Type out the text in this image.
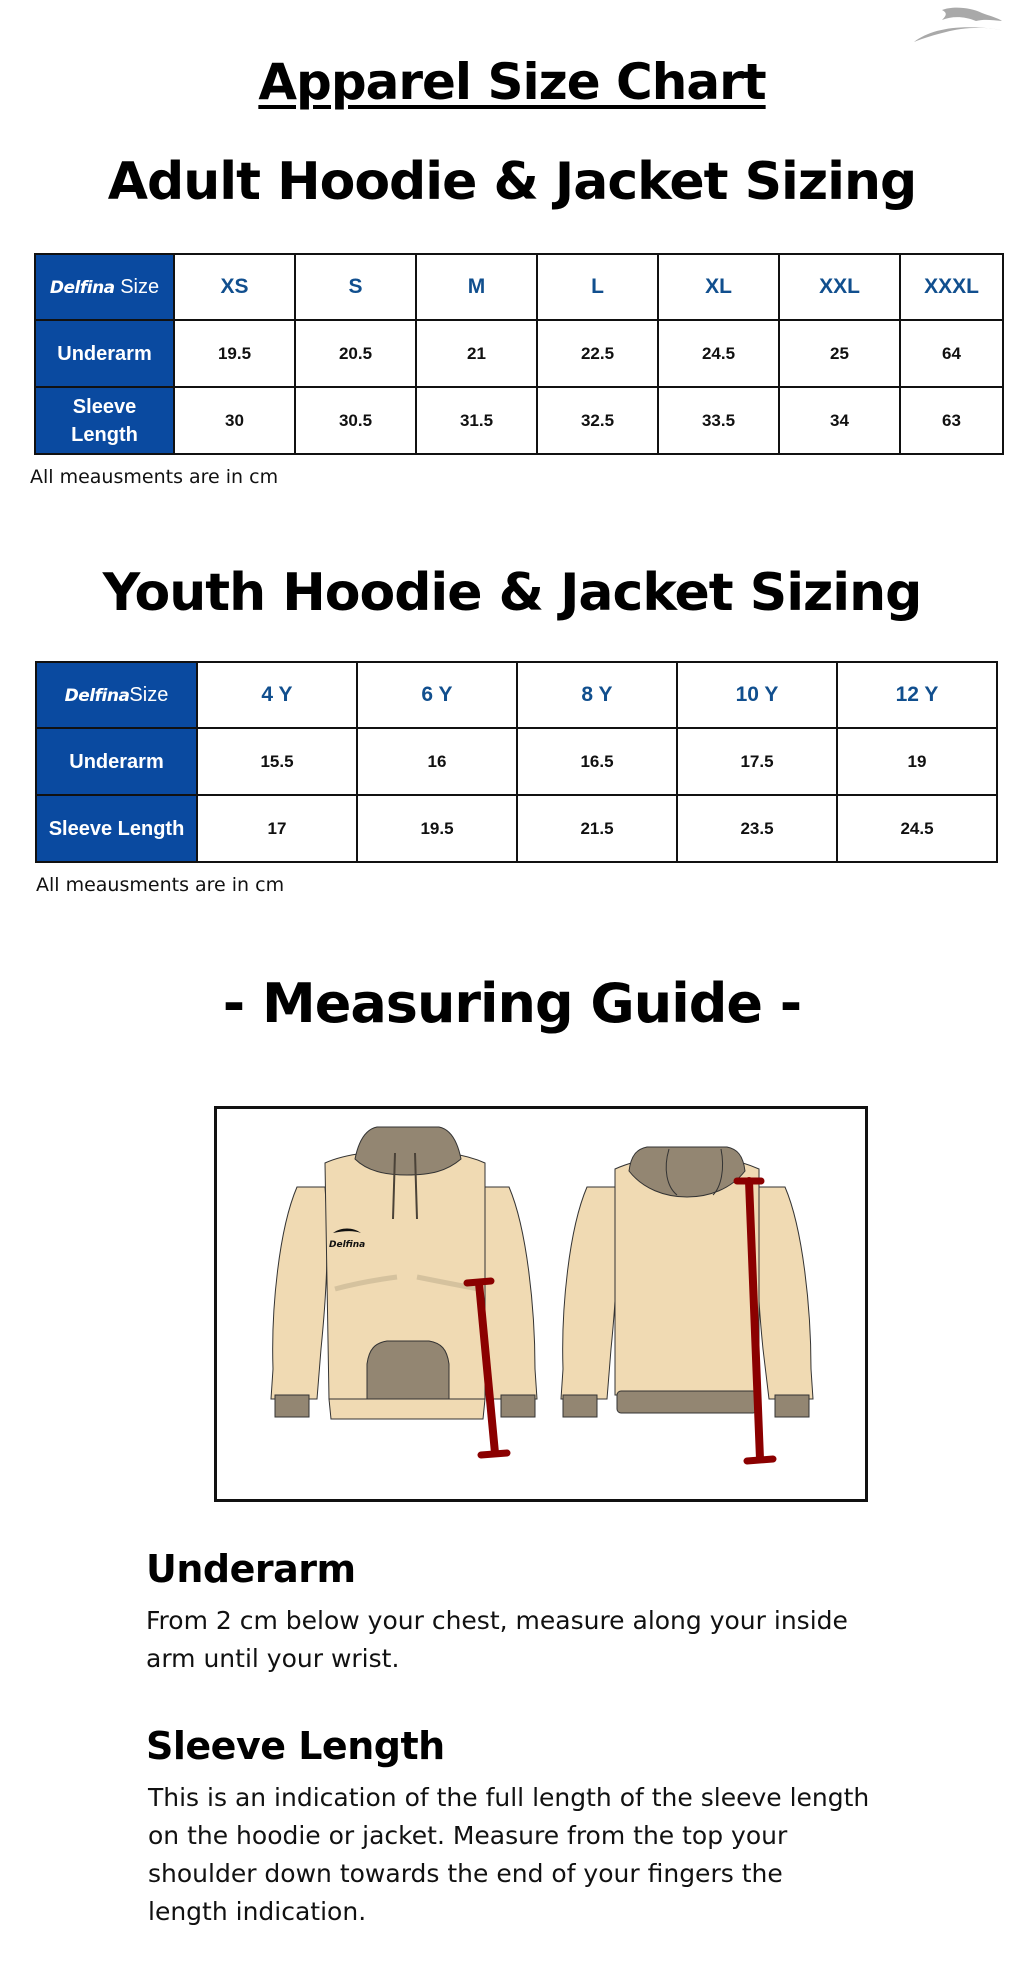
Apparel Size Chart
Adult Hoodie & Jacket Sizing
Delfina Size	XS	S	M	L	XL	XXL	XXXL
Underarm	19.5	20.5	21	22.5	24.5	25	64
Sleeve
Length	30	30.5	31.5	32.5	33.5	34	63
All meausments are in cm
Youth Hoodie & Jacket Sizing
DelfinaSize	4 Y	6 Y	8 Y	10 Y	12 Y
Underarm	15.5	16	16.5	17.5	19
Sleeve Length	17	19.5	21.5	23.5	24.5
All meausments are in cm
- Measuring Guide -
Delfina
Underarm
From 2 cm below your chest, measure along your inside
arm until your wrist.
Sleeve Length
This is an indication of the full length of the sleeve length
on the hoodie or jacket. Measure from the top your
shoulder down towards the end of your fingers the
length indication.
